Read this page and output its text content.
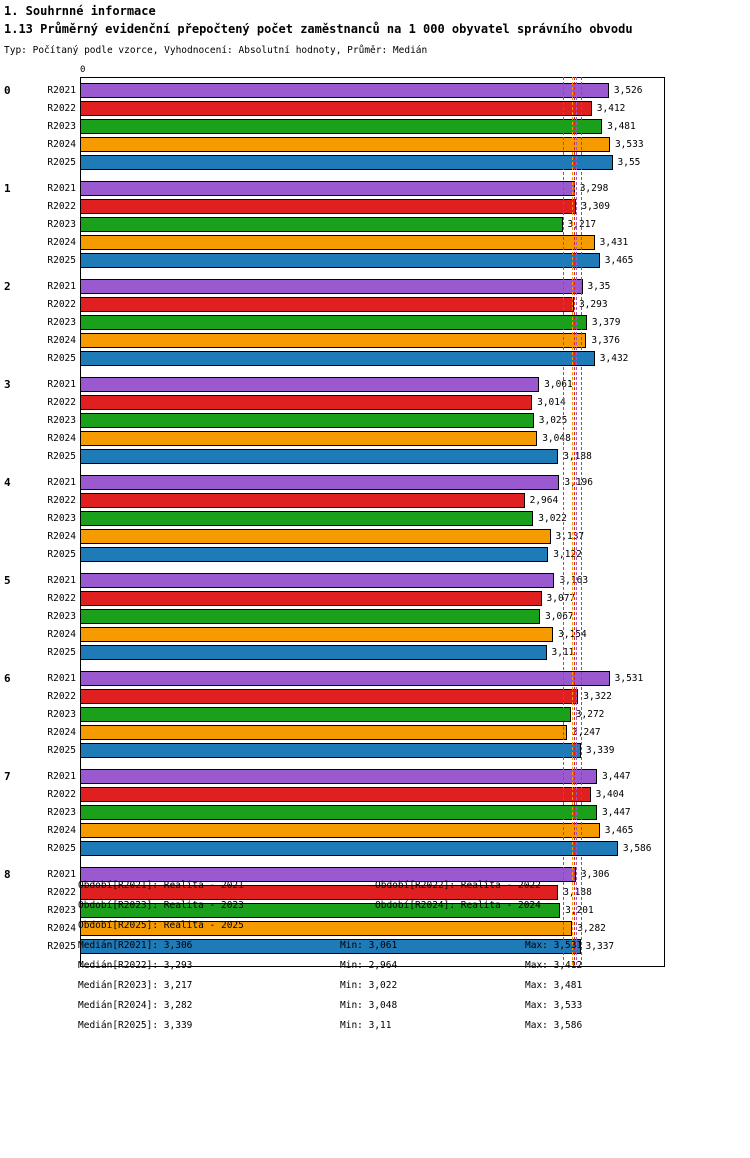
1. Souhrnné informace
1.13 Průměrný evidenční přepočtený počet zaměstnanců na 1 000 obyvatel správního obvodu
Typ: Počítaný podle vzorce, Vyhodnocení: Absolutní hodnoty, Průměr: Medián
0
3,526
3,412
3,481
3,533
3,55
3,298
3,309
3,217
3,431
3,465
3,35
3,293
3,379
3,376
3,432
3,061
3,014
3,025
3,048
3,188
3,196
2,964
3,022
3,137
3,122
3,163
3,077
3,067
3,154
3,11
3,531
3,322
3,272
3,247
3,339
3,447
3,404
3,447
3,465
3,586
3,306
3,188
3,201
3,282
3,337
0	R2021
R2022
R2023
R2024
R2025
1	R2021
R2022
R2023
R2024
R2025
2	R2021
R2022
R2023
R2024
R2025
3	R2021
R2022
R2023
R2024
R2025
4	R2021
R2022
R2023
R2024
R2025
5	R2021
R2022
R2023
R2024
R2025
6	R2021
R2022
R2023
R2024
R2025
7	R2021
R2022
R2023
R2024
R2025
8	R2021
R2022
R2023
R2024
R2025
Období[R2021]: Realita - 2021	Období[R2022]: Realita - 2022
Období[R2023]: Realita - 2023	Období[R2024]: Realita - 2024
Období[R2025]: Realita - 2025
Medián[R2021]: 3,306	Min: 3,061	Max: 3,531
Medián[R2022]: 3,293	Min: 2,964	Max: 3,412
Medián[R2023]: 3,217	Min: 3,022	Max: 3,481
Medián[R2024]: 3,282	Min: 3,048	Max: 3,533
Medián[R2025]: 3,339	Min: 3,11	Max: 3,586
